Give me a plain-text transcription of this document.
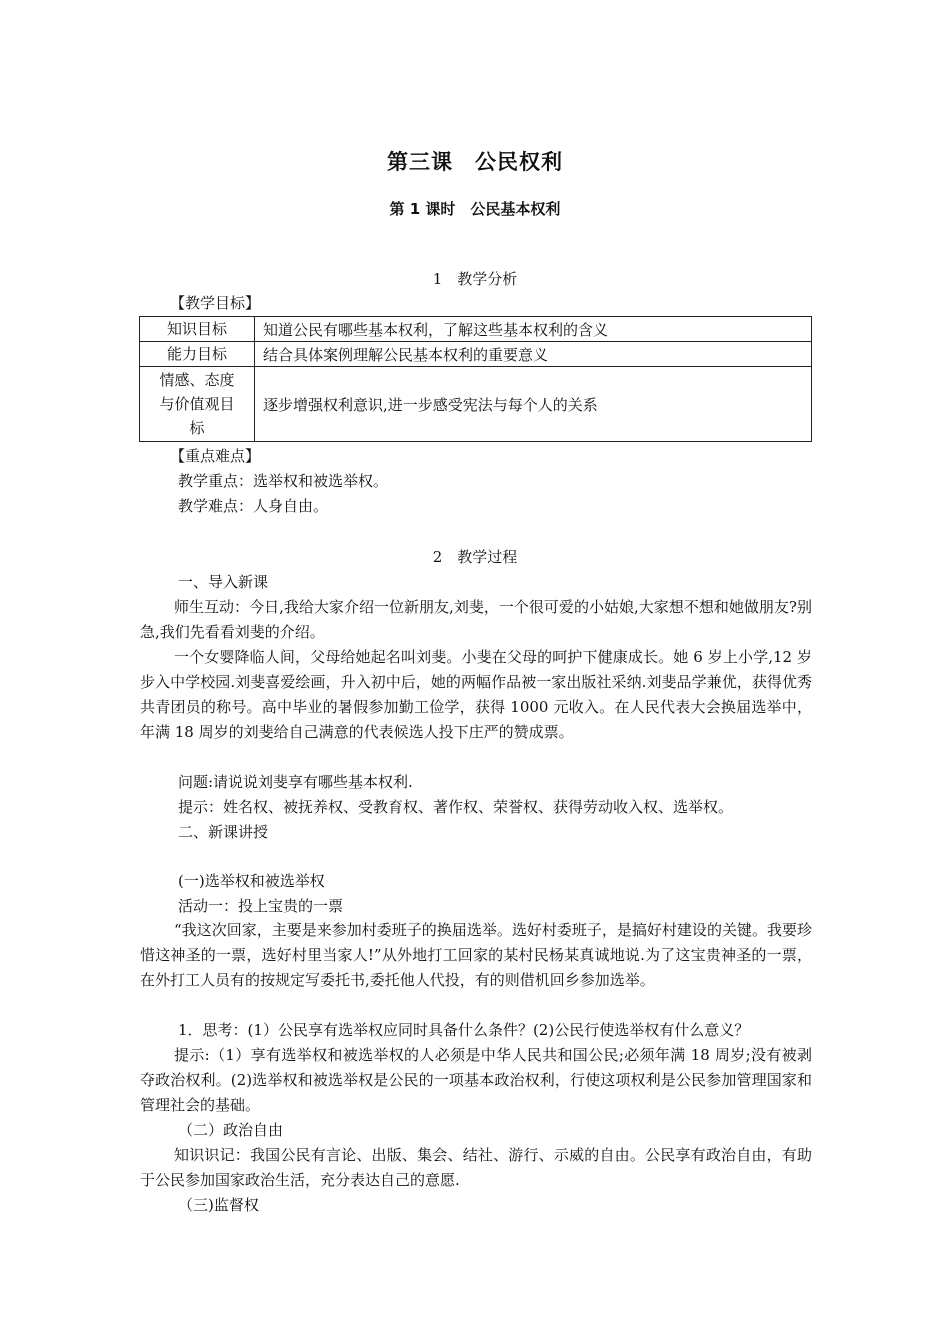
第三课　公民权利
第 1 课时　公民基本权利
1　教学分析
【教学目标】
知识目标	知道公民有哪些基本权利，了解这些基本权利的含义
能力目标	结合具体案例理解公民基本权利的重要意义

情感、态度
与价值观目
标	逐步增强权利意识,进一步感受宪法与每个人的关系
【重点难点】
教学重点：选举权和被选举权。
教学难点：人身自由。
2　教学过程
一、导入新课
师生互动：今日,我给大家介绍一位新朋友,刘斐，一个很可爱的小姑娘,大家想不想和她做朋友?别急,我们先看看刘斐的介绍。
一个女婴降临人间，父母给她起名叫刘斐。小斐在父母的呵护下健康成长。她 6 岁上小学,12 岁步入中学校园.刘斐喜爱绘画，升入初中后，她的两幅作品被一家出版社采纳.刘斐品学兼优，获得优秀共青团员的称号。高中毕业的暑假参加勤工俭学，获得 1000 元收入。在人民代表大会换届选举中，年满 18 周岁的刘斐给自己满意的代表候选人投下庄严的赞成票。
问题:请说说刘斐享有哪些基本权利.
提示：姓名权、被抚养权、受教育权、著作权、荣誉权、获得劳动收入权、选举权。
二、新课讲授
(一)选举权和被选举权
活动一：投上宝贵的一票
“我这次回家，主要是来参加村委班子的换届选举。选好村委班子，是搞好村建设的关键。我要珍惜这神圣的一票，选好村里当家人!”从外地打工回家的某村民杨某真诚地说.为了这宝贵神圣的一票，在外打工人员有的按规定写委托书,委托他人代投，有的则借机回乡参加选举。
1．思考：(1）公民享有选举权应同时具备什么条件？(2)公民行使选举权有什么意义？
提示:（1）享有选举权和被选举权的人必须是中华人民共和国公民;必须年满 18 周岁;没有被剥夺政治权利。(2)选举权和被选举权是公民的一项基本政治权利，行使这项权利是公民参加管理国家和管理社会的基础。
（二）政治自由
知识识记：我国公民有言论、出版、集会、结社、游行、示威的自由。公民享有政治自由，有助于公民参加国家政治生活，充分表达自己的意愿.
（三)监督权
